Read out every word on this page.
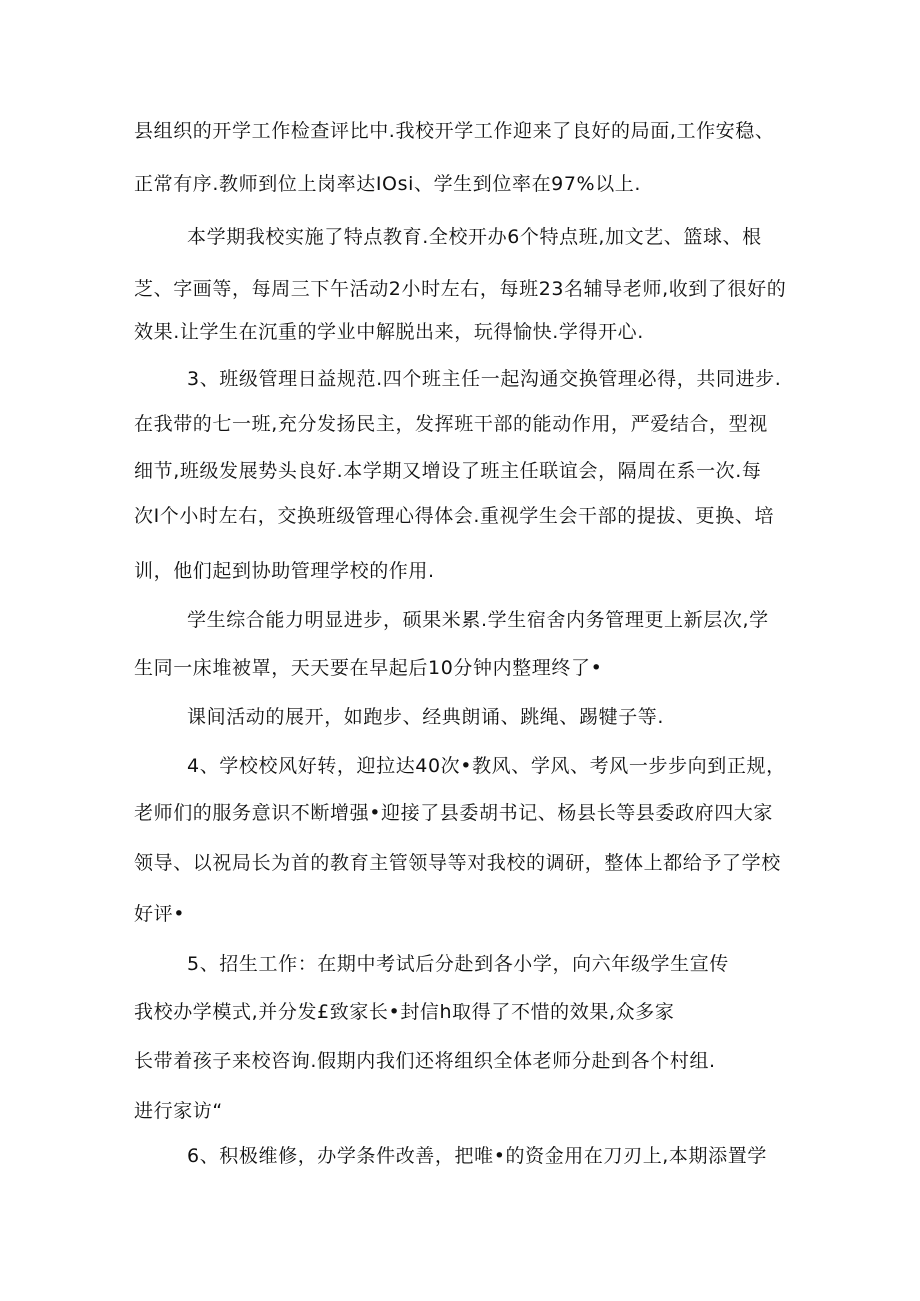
县组织的开学工作检查评比中.我校开学工作迎来了良好的局面,工作安稳、
正常有序.教师到位上岗率达IOsi、学生到位率在97%以上.
本学期我校实施了特点教育.全校开办6个特点班,加文艺、篮球、根
芝、字画等，每周三下午活动2小时左右，每班23名辅导老师,收到了很好的
效果.让学生在沉重的学业中解脱出来，玩得愉快.学得开心.
3、班级管理日益规范.四个班主任一起沟通交换管理必得，共同进步.
在我带的七一班,充分发扬民主，发挥班干部的能动作用，严爱结合，型视
细节,班级发展势头良好.本学期又增设了班主任联谊会，隔周在系一次.每
次I个小时左右，交换班级管理心得体会.重视学生会干部的提拔、更换、培
训，他们起到协助管理学校的作用.
学生综合能力明显进步，硕果米累.学生宿舍内务管理更上新层次,学
生同一床堆被罩，天天要在早起后10分钟内整理终了•
课间活动的展开，如跑步、经典朗诵、跳绳、踢犍子等.
4、学校校风好转，迎拉达40次•教风、学风、考风一步步向到正规，
老师们的服务意识不断增强•迎接了县委胡书记、杨县长等县委政府四大家
领导、以祝局长为首的教育主管领导等对我校的调研，整体上都给予了学校
好评•
5、招生工作：在期中考试后分赴到各小学，向六年级学生宣传
我校办学模式,并分发£致家长•封信h取得了不惜的效果,众多家
长带着孩子来校咨询.假期内我们还将组织全体老师分赴到各个村组.
进行家访“
6、积极维修，办学条件改善，把唯•的资金用在刀刃上,本期添置学
